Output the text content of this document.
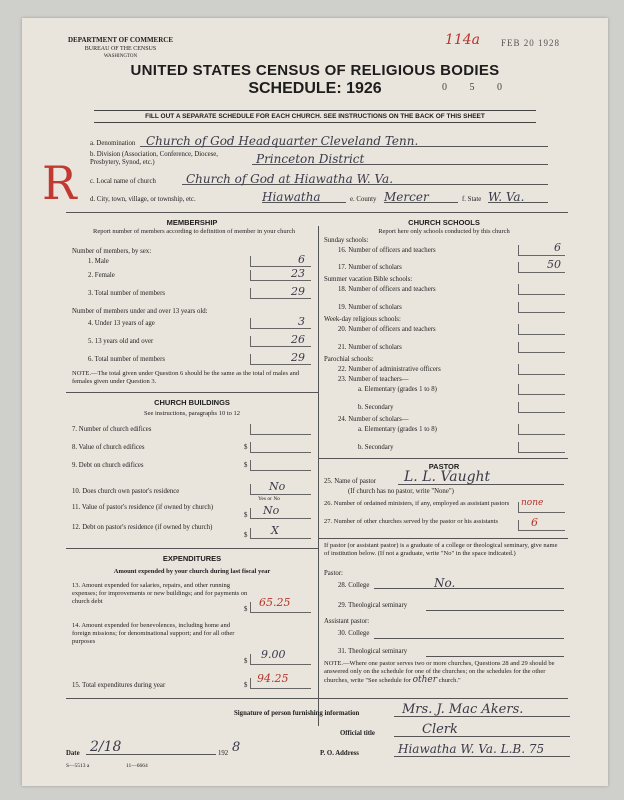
DEPARTMENT OF COMMERCE
BUREAU OF THE CENSUS
WASHINGTON
114a FEB 20 1928
UNITED STATES CENSUS OF RELIGIOUS BODIES
SCHEDULE: 1926	0 5 0
FILL OUT A SEPARATE SCHEDULE FOR EACH CHURCH. SEE INSTRUCTIONS ON THE BACK OF THIS SHEET
R
a. Denomination Church of God Headquarter Cleveland Tenn.
b. Division (Association, Conference, Diocese, Presbytery, Synod, etc.)	Princeton District
c. Local name of church	Church of God at Hiawatha W. Va.
d. City, town, village, or township, etc.	Hiawatha	e. County Mercer	f. State W. Va.
MEMBERSHIP
Report number of members according to definition of member in your church
Number of members, by sex:
1. Male	6
2. Female	23
3. Total number of members	29
Number of members under and over 13 years old:
4. Under 13 years of age	3
5. 13 years old and over	26
6. Total number of members	29
NOTE.—The total given under Question 6 should be the same as the total of males and females given under Question 3.
CHURCH BUILDINGS
See instructions, paragraphs 10 to 12
7. Number of church edifices
8. Value of church edifices	$
9. Debt on church edifices	$
10. Does church own pastor's residence	No
Yes or No
11. Value of pastor's residence (if owned by church)
$ No
12. Debt on pastor's residence (if owned by church)
$ X
EXPENDITURES
Amount expended by your church during last fiscal year
13. Amount expended for salaries, repairs, and other running expenses; for improvements or new buildings; and for payments on church debt
$
65.25
14. Amount expended for benevolences, including home and foreign missions; for denominational support; and for all other purposes
$
9.00
15. Total expenditures during year	$
94.25
CHURCH SCHOOLS
Report here only schools conducted by this church
Sunday schools:
16. Number of officers and teachers	6
17. Number of scholars	50
Summer vacation Bible schools:
18. Number of officers and teachers
19. Number of scholars
Week-day religious schools:
20. Number of officers and teachers
21. Number of scholars
Parochial schools:
22. Number of administrative officers
23. Number of teachers—
a. Elementary (grades 1 to 8)
b. Secondary
24. Number of scholars—
a. Elementary (grades 1 to 8)
b. Secondary
PASTOR
25. Name of pastor	L. L. Vaught
(If church has no pastor, write "None")
26. Number of ordained ministers, if any, employed as assistant pastors none
27. Number of other churches served by the pastor or his assistants	6
If pastor (or assistant pastor) is a graduate of a college or theological seminary, give name of institution below. (If not a graduate, write "No" in the space indicated.)
Pastor:
28. College	No.
29. Theological seminary
Assistant pastor:
30. College
31. Theological seminary
NOTE.—Where one pastor serves two or more churches, Questions 28 and 29 should be answered only on the schedule for one of the churches; on the schedules for the other churches, write "See schedule for other church."
Signature of person furnishing information	Mrs. J. Mac Akers.
Official title	Clerk
Date 2/18	192 8	P. O. Address	Hiawatha W. Va. L.B. 75
S—5513 a	11—6664
